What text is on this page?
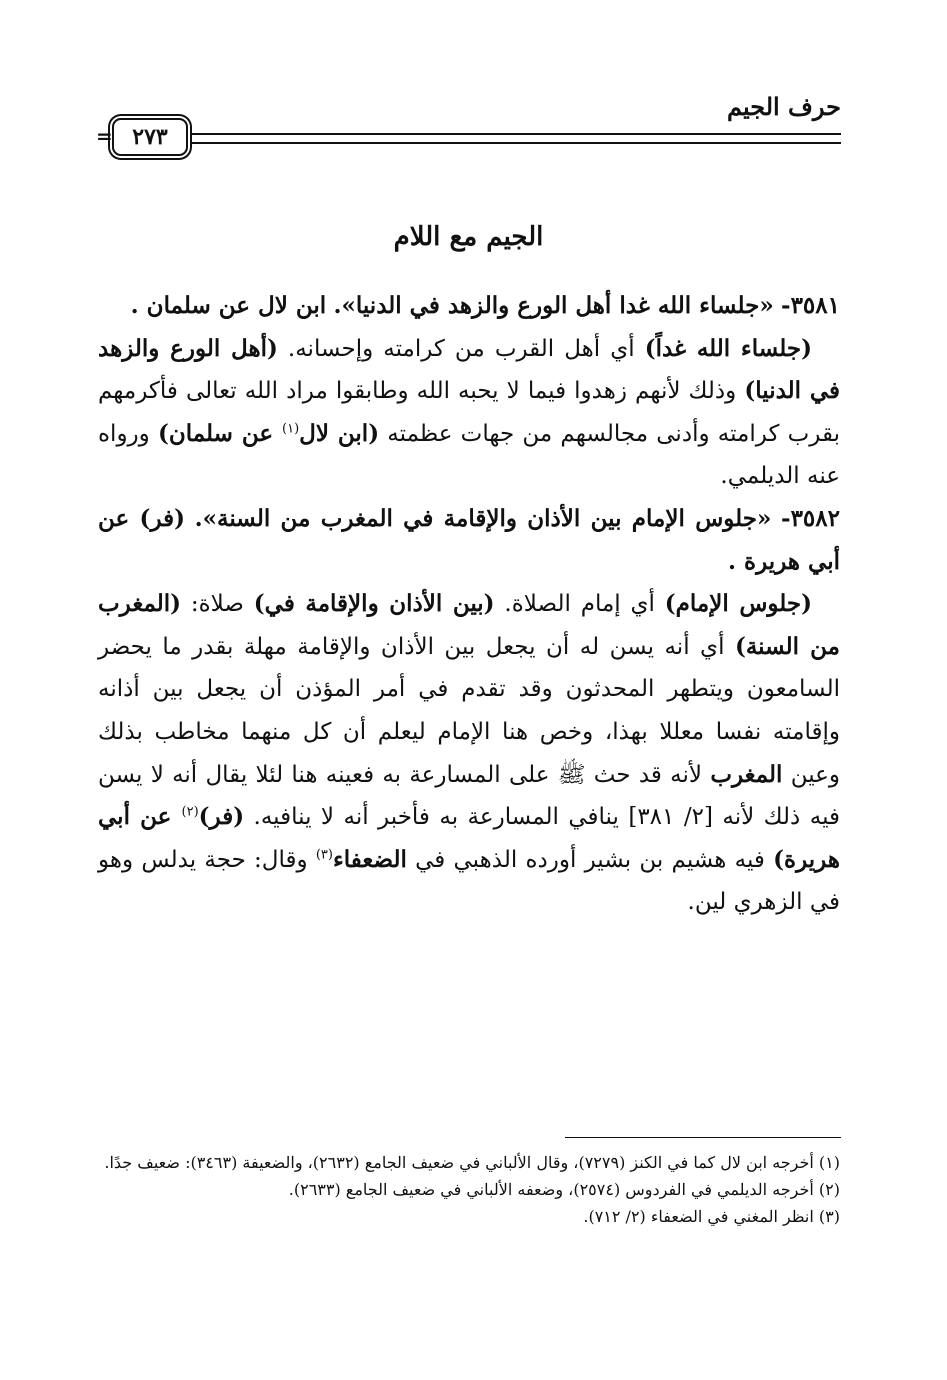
حرف الجيم
٢٧٣
=
الجيم مع اللام

٣٥٨١- «جلساء الله غدا أهل الورع والزهد في الدنيا». ابن لال عن سلمان .

(جلساء الله غداً) أي أهل القرب من كرامته وإحسانه. (أهل الورع والزهد في الدنيا) وذلك لأنهم زهدوا فيما لا يحبه الله وطابقوا مراد الله تعالى فأكرمهم بقرب كرامته وأدنى مجالسهم من جهات عظمته (ابن لال$^{(١)}$ عن سلمان) ورواه عنه الديلمي.

٣٥٨٢- «جلوس الإمام بين الأذان والإقامة في المغرب من السنة». (فر) عن أبي هريرة .

(جلوس الإمام) أي إمام الصلاة. (بين الأذان والإقامة في) صلاة: (المغرب من السنة) أي أنه يسن له أن يجعل بين الأذان والإقامة مهلة بقدر ما يحضر السامعون ويتطهر المحدثون وقد تقدم في أمر المؤذن أن يجعل بين أذانه وإقامته نفسا معللا بهذا، وخص هنا الإمام ليعلم أن كل منهما مخاطب بذلك وعين المغرب لأنه قد حث ﷺ على المسارعة به فعينه هنا لئلا يقال أنه لا يسن فيه ذلك لأنه [٢/ ٣٨١] ينافي المسارعة به فأخبر أنه لا ينافيه. (فر)$^{(٢)}$ عن أبي هريرة) فيه هشيم بن بشير أورده الذهبي في الضعفاء$^{(٣)}$ وقال: حجة يدلس وهو في الزهري لين.

(١) أخرجه ابن لال كما في الكنز (٧٢٧٩)، وقال الألباني في ضعيف الجامع (٢٦٣٢)، والضعيفة (٣٤٦٣): ضعيف جدًا.

(٢) أخرجه الديلمي في الفردوس (٢٥٧٤)، وضعفه الألباني في ضعيف الجامع (٢٦٣٣).

(٣) انظر المغني في الضعفاء (٢/ ٧١٢).
